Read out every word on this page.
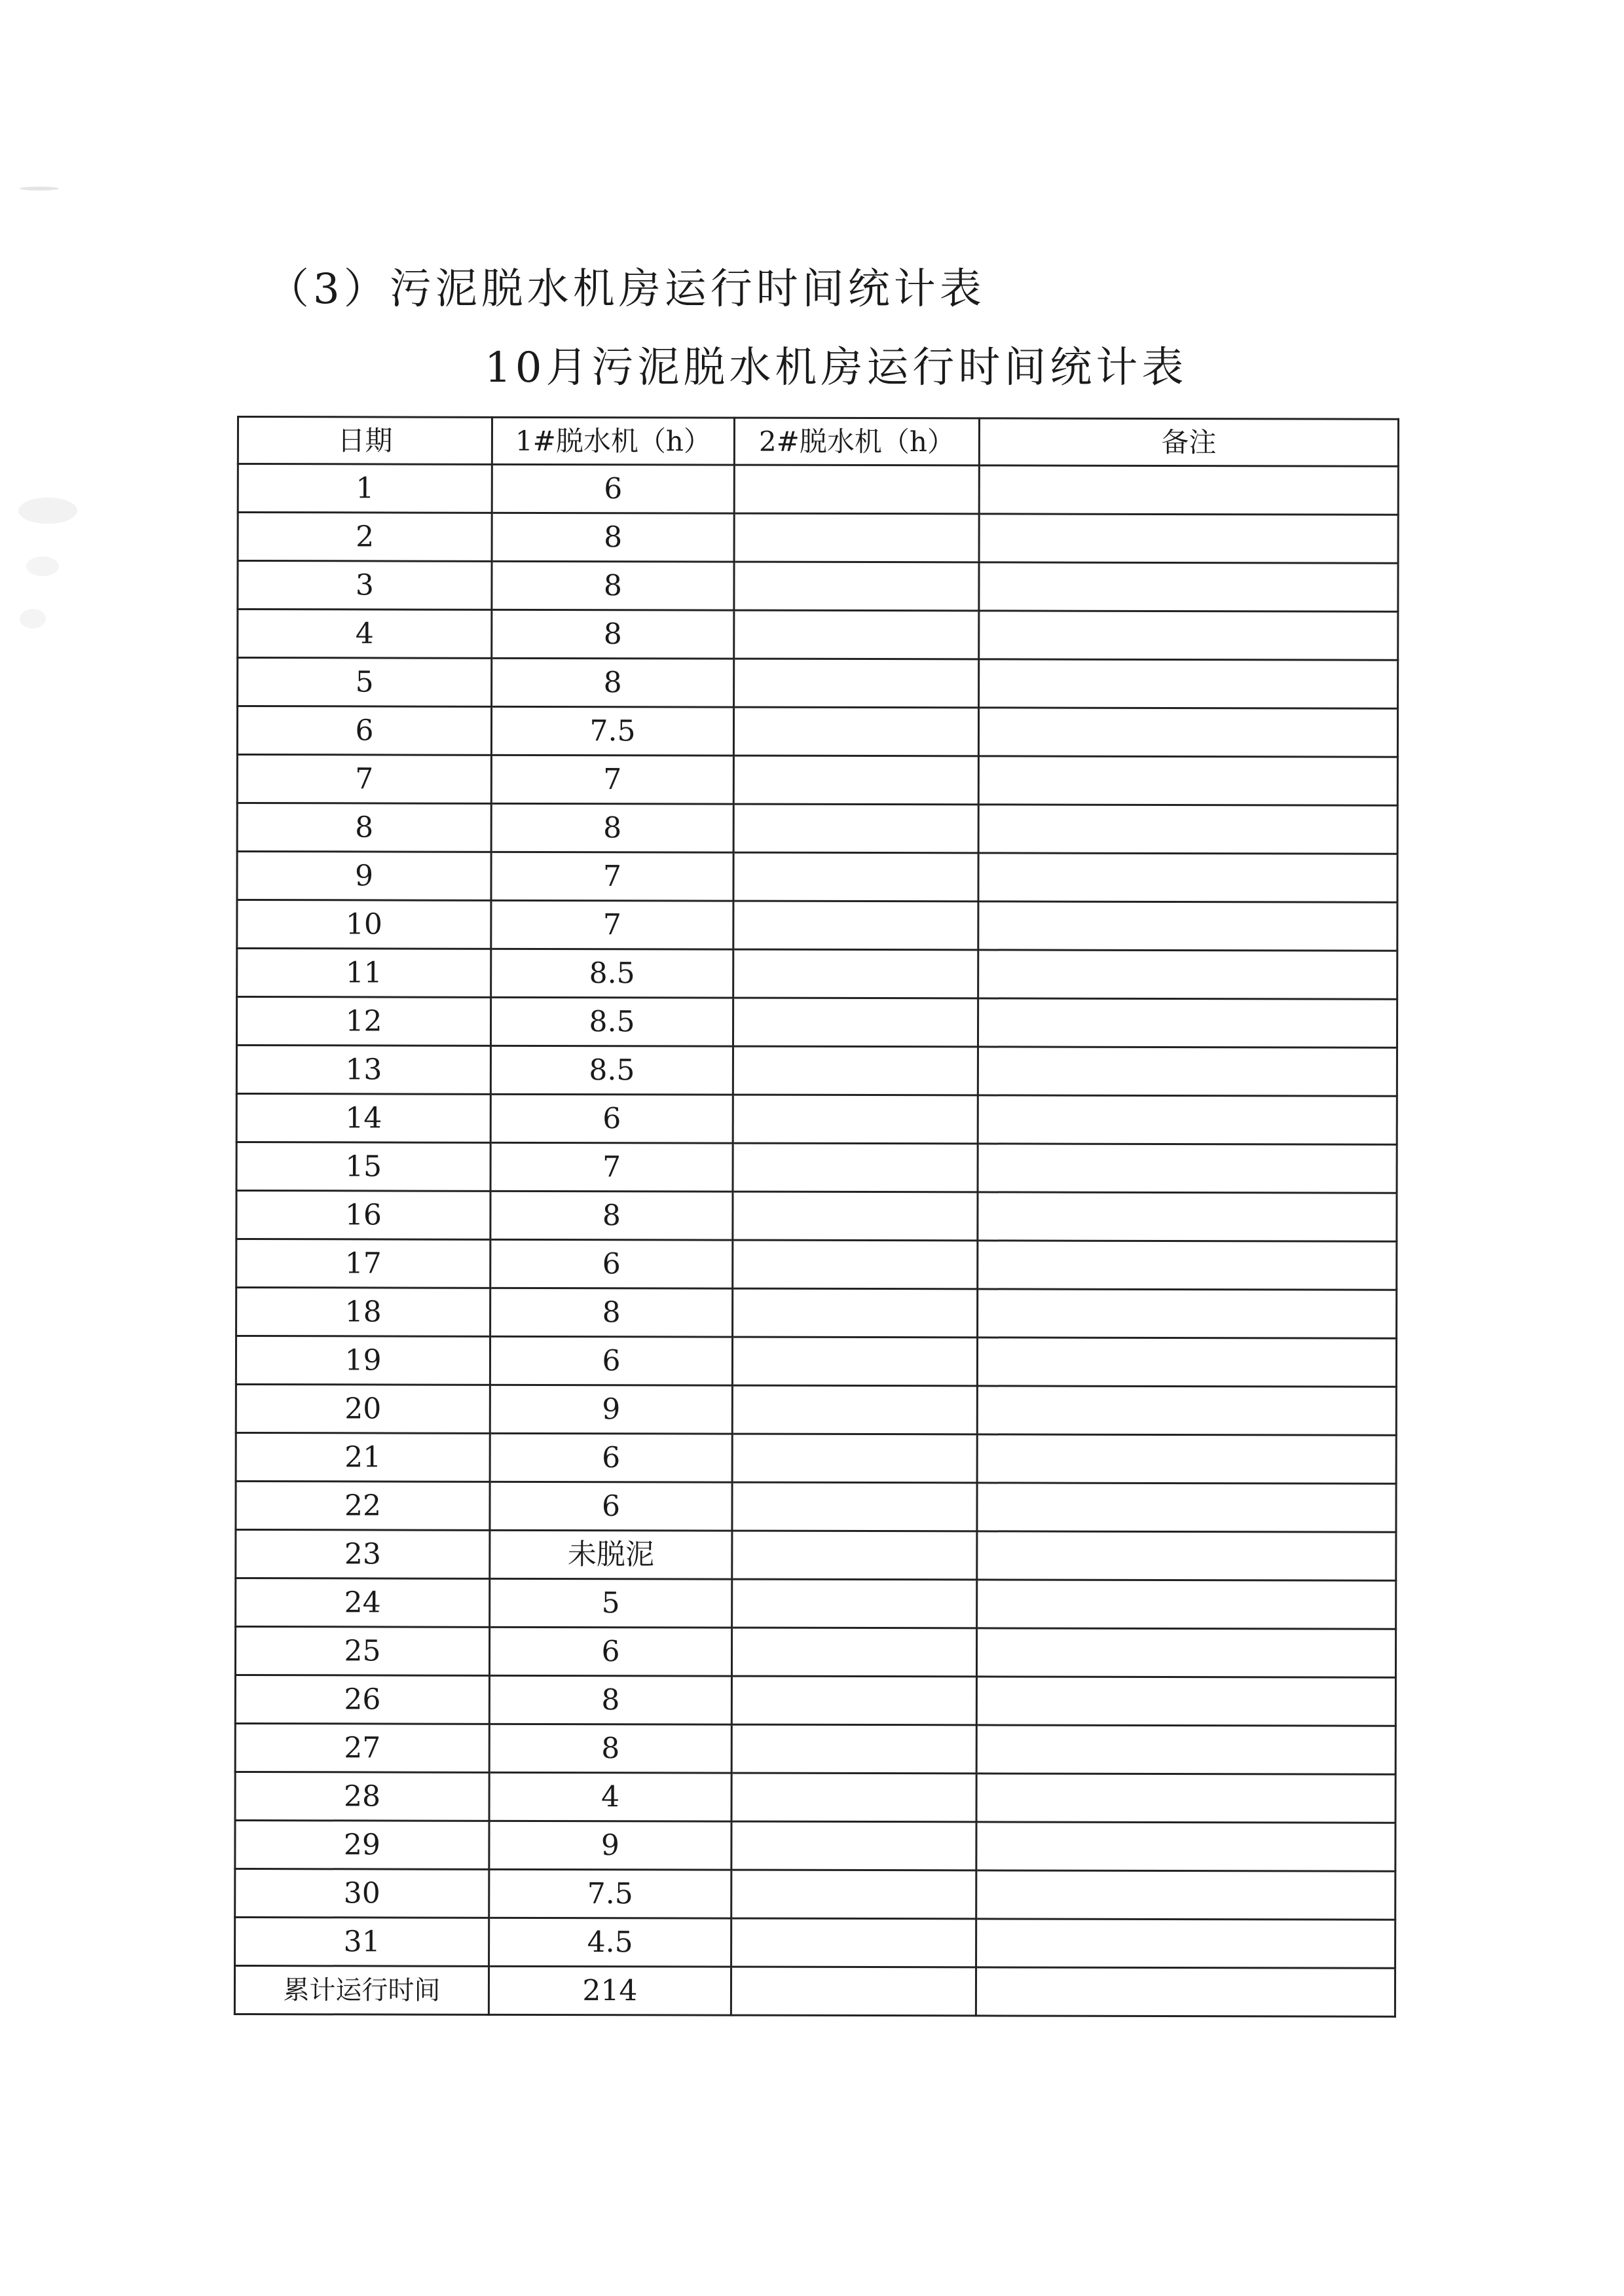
（3）污泥脱水机房运行时间统计表
10月污泥脱水机房运行时间统计表
日期	1#脱水机（h）	2#脱水机（h）	备注
1	6		
2	8		
3	8		
4	8		
5	8		
6	7.5		
7	7		
8	8		
9	7		
10	7		
11	8.5		
12	8.5		
13	8.5		
14	6		
15	7		
16	8		
17	6		
18	8		
19	6		
20	9		
21	6		
22	6		
23	未脱泥		
24	5		
25	6		
26	8		
27	8		
28	4		
29	9		
30	7.5		
31	4.5		
累计运行时间	214		
